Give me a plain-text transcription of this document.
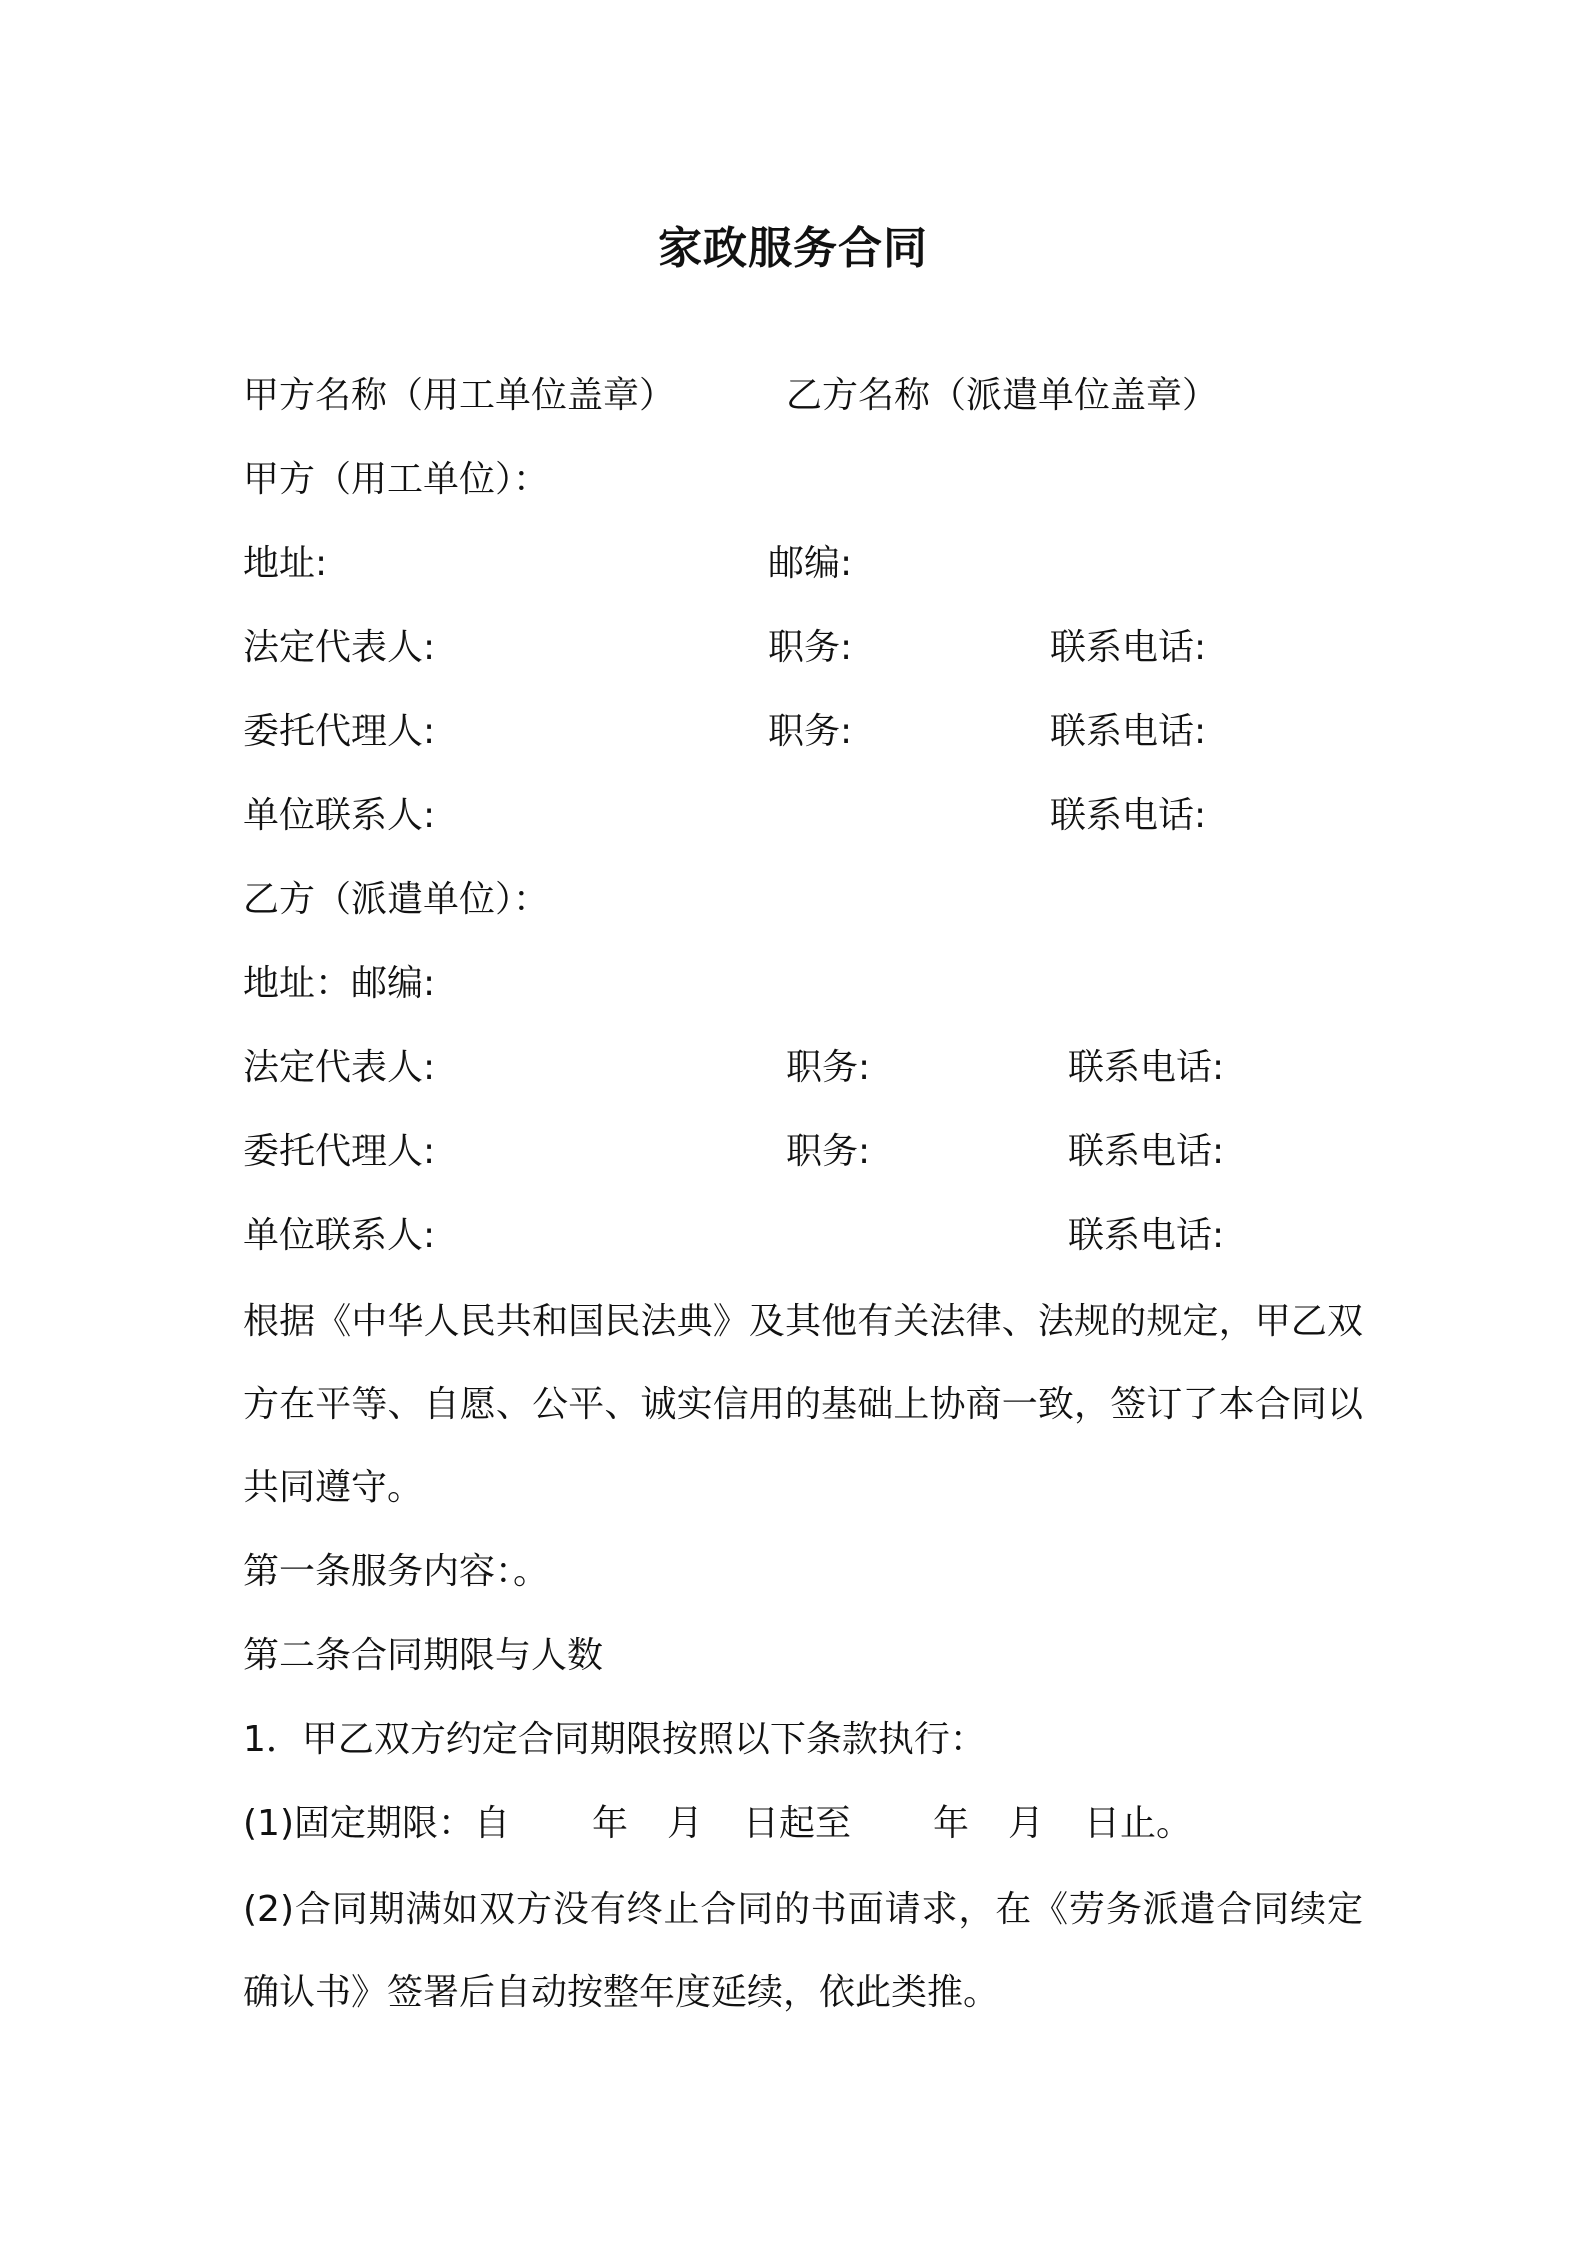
家政服务合同
甲方名称（用工单位盖章）	乙方名称（派遣单位盖章）
甲方（用工单位）：
地址:	邮编:
法定代表人:	职务:	联系电话:
委托代理人:	职务:	联系电话:
单位联系人:	联系电话:
乙方（派遣单位）：
地址：邮编:
法定代表人:	职务:	联系电话:
委托代理人:	职务:	联系电话:
单位联系人:	联系电话:
根据《中华人民共和国民法典》及其他有关法律、法规的规定，甲乙双方在平等、自愿、公平、诚实信用的基础上协商一致，签订了本合同以共同遵守。
第一条服务内容：。
第二条合同期限与人数
1．甲乙双方约定合同期限按照以下条款执行：
(1)固定期限：自 年 月 日起至 年 月 日止。
(2)合同期满如双方没有终止合同的书面请求，在《劳务派遣合同续定确认书》签署后自动按整年度延续，依此类推。
